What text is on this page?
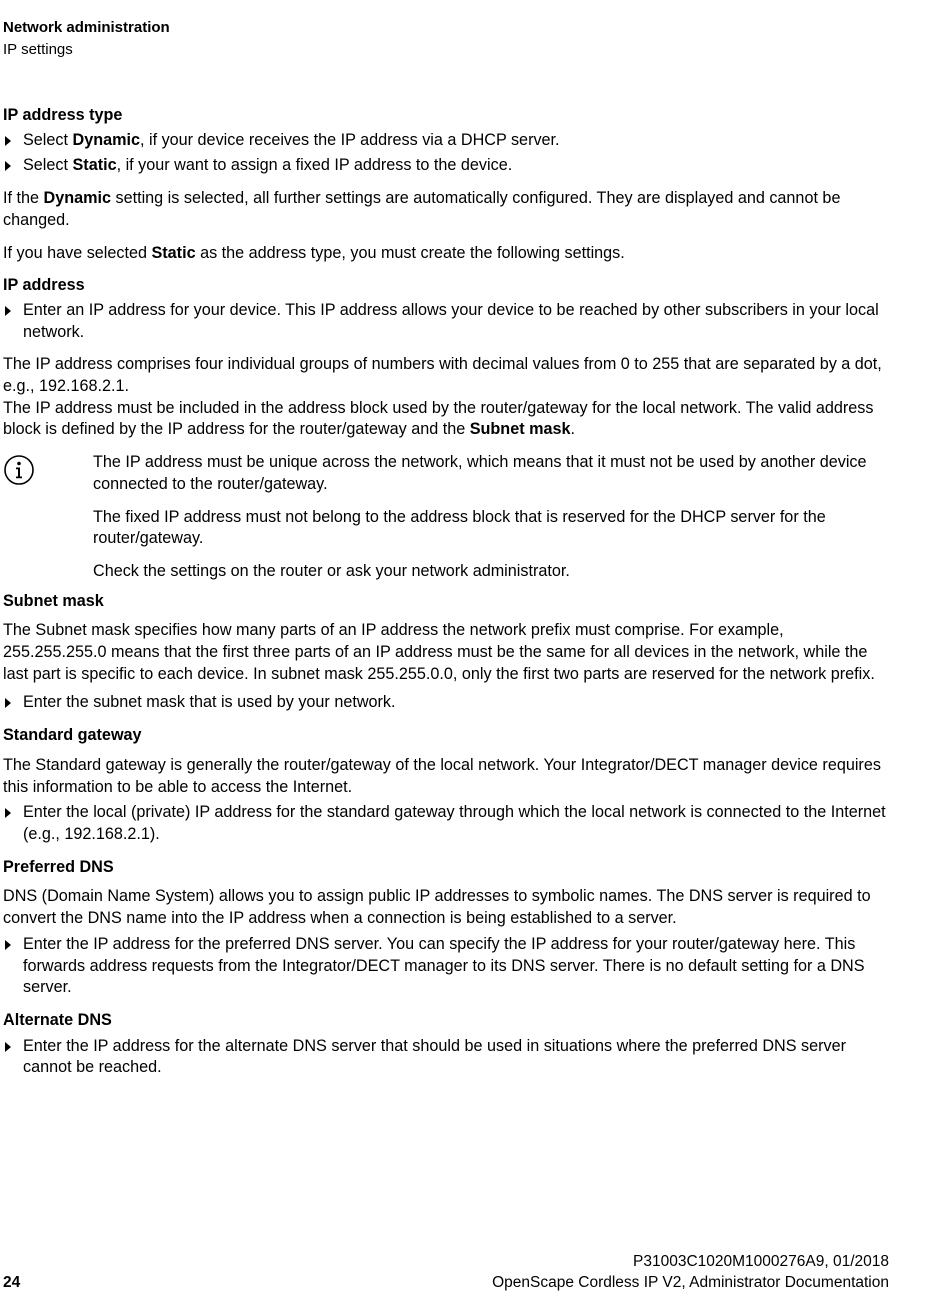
Network administration
IP settings
IP address type
Select Dynamic, if your device receives the IP address via a DHCP server.
Select Static, if your want to assign a fixed IP address to the device.

If the Dynamic setting is selected, all further settings are automatically configured. They are displayed and cannot be changed.

If you have selected Static as the address type, you must create the following settings.

IP address
Enter an IP address for your device. This IP address allows your device to be reached by other subscribers in your local network.

The IP address comprises four individual groups of numbers with decimal values from 0 to 255 that are separated by a dot, e.g., 192.168.2.1.

The IP address must be included in the address block used by the router/gateway for the local network. The valid address block is defined by the IP address for the router/gateway and the Subnet mask.

The IP address must be unique across the network, which means that it must not be used by another device connected to the router/gateway.

The fixed IP address must not belong to the address block that is reserved for the DHCP server for the router/gateway.

Check the settings on the router or ask your network administrator.

Subnet mask

The Subnet mask specifies how many parts of an IP address the network prefix must comprise. For example, 255.255.255.0 means that the first three parts of an IP address must be the same for all devices in the network, while the last part is specific to each device. In subnet mask 255.255.0.0, only the first two parts are reserved for the network prefix.

Enter the subnet mask that is used by your network.
Standard gateway

The Standard gateway is generally the router/gateway of the local network. Your Integrator/DECT manager device requires this information to be able to access the Internet.

Enter the local (private) IP address for the standard gateway through which the local network is connected to the Internet (e.g., 192.168.2.1).
Preferred DNS

DNS (Domain Name System) allows you to assign public IP addresses to symbolic names. The DNS server is required to convert the DNS name into the IP address when a connection is being established to a server.

Enter the IP address for the preferred DNS server. You can specify the IP address for your router/gateway here. This forwards address requests from the Integrator/DECT manager to its DNS server. There is no default setting for a DNS server.
Alternate DNS
Enter the IP address for the alternate DNS server that should be used in situations where the preferred DNS server cannot be reached.
P31003C1020M1000276A9, 01/2018
OpenScape Cordless IP V2, Administrator Documentation
24
